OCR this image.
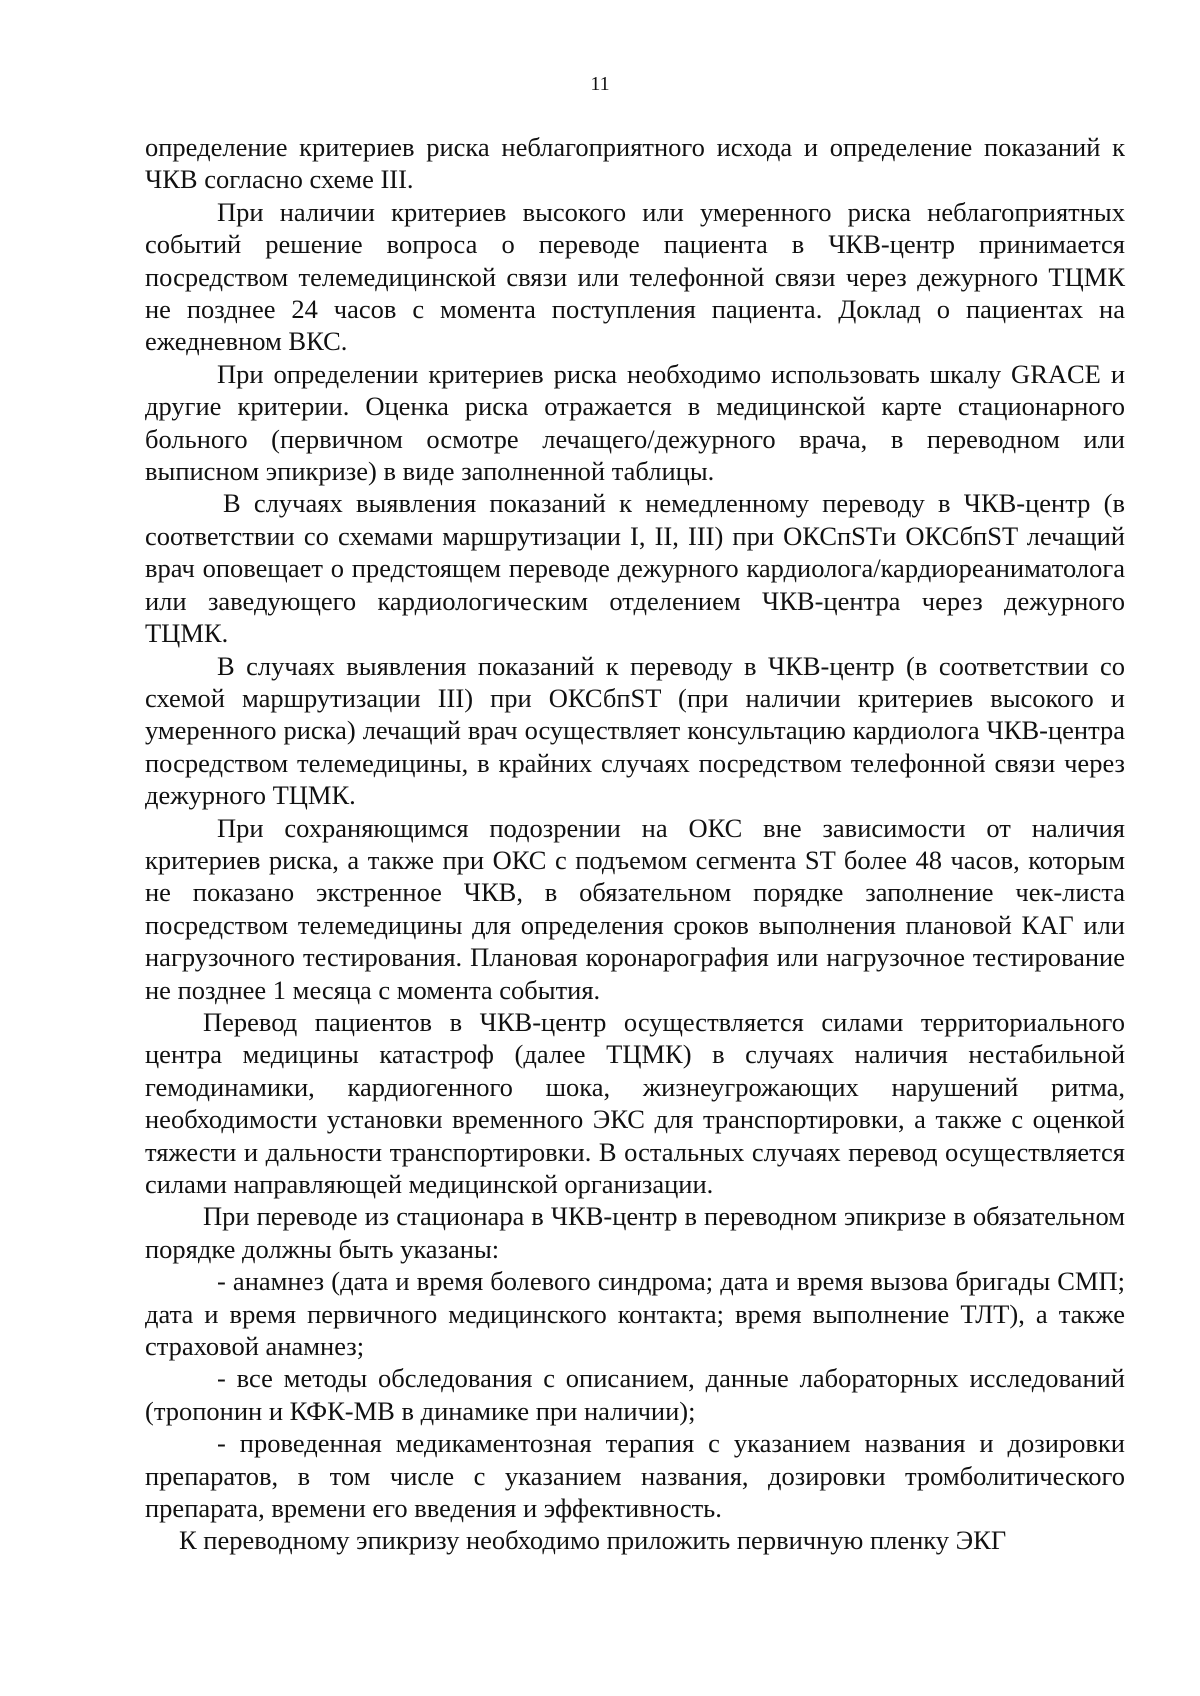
11

определение критериев риска неблагоприятного исхода и определение показаний к ЧКВ согласно схеме III.

При наличии критериев высокого или умеренного риска неблагоприятных событий решение вопроса о переводе пациента в ЧКВ-центр принимается посредством телемедицинской связи или телефонной связи через дежурного ТЦМК не позднее 24 часов с момента поступления пациента. Доклад о пациентах на ежедневном ВКС.

При определении критериев риска необходимо использовать шкалу GRACE и другие критерии. Оценка риска отражается в медицинской карте стационарного больного (первичном осмотре лечащего/дежурного врача, в переводном или выписном эпикризе) в виде заполненной таблицы.

В случаях выявления показаний к немедленному переводу в ЧКВ-центр (в соответствии со схемами маршрутизации I, II, III) при ОКСпSTи ОКСбпST лечащий врач оповещает о предстоящем переводе дежурного кардиолога/кардиореаниматолога или заведующего кардиологическим отделением ЧКВ-центра через дежурного ТЦМК.

В случаях выявления показаний к переводу в ЧКВ-центр (в соответствии со схемой маршрутизации III) при ОКСбпST (при наличии критериев высокого и умеренного риска) лечащий врач осуществляет консультацию кардиолога ЧКВ-центра посредством телемедицины, в крайних случаях посредством телефонной связи через дежурного ТЦМК.

При сохраняющимся подозрении на ОКС вне зависимости от наличия критериев риска, а также при ОКС с подъемом сегмента ST более 48 часов, которым не показано экстренное ЧКВ, в обязательном порядке заполнение чек-листа посредством телемедицины для определения сроков выполнения плановой КАГ или нагрузочного тестирования. Плановая коронарография или нагрузочное тестирование не позднее 1 месяца с момента события.

Перевод пациентов в ЧКВ-центр осуществляется силами территориального центра медицины катастроф (далее ТЦМК) в случаях наличия нестабильной гемодинамики, кардиогенного шока, жизнеугрожающих нарушений ритма, необходимости установки временного ЭКС для транспортировки, а также с оценкой тяжести и дальности транспортировки. В остальных случаях перевод осуществляется силами направляющей медицинской организации.

При переводе из стационара в ЧКВ-центр в переводном эпикризе в обязательном порядке должны быть указаны:

- анамнез (дата и время болевого синдрома; дата и время вызова бригады СМП; дата и время первичного медицинского контакта; время выполнение ТЛТ), а также страховой анамнез;

- все методы обследования с описанием, данные лабораторных исследований (тропонин и КФК-МВ в динамике при наличии);

- проведенная медикаментозная терапия с указанием названия и дозировки препаратов, в том числе с указанием названия, дозировки тромболитического препарата, времени его введения и эффективность.

К переводному эпикризу необходимо приложить первичную пленку ЭКГ
